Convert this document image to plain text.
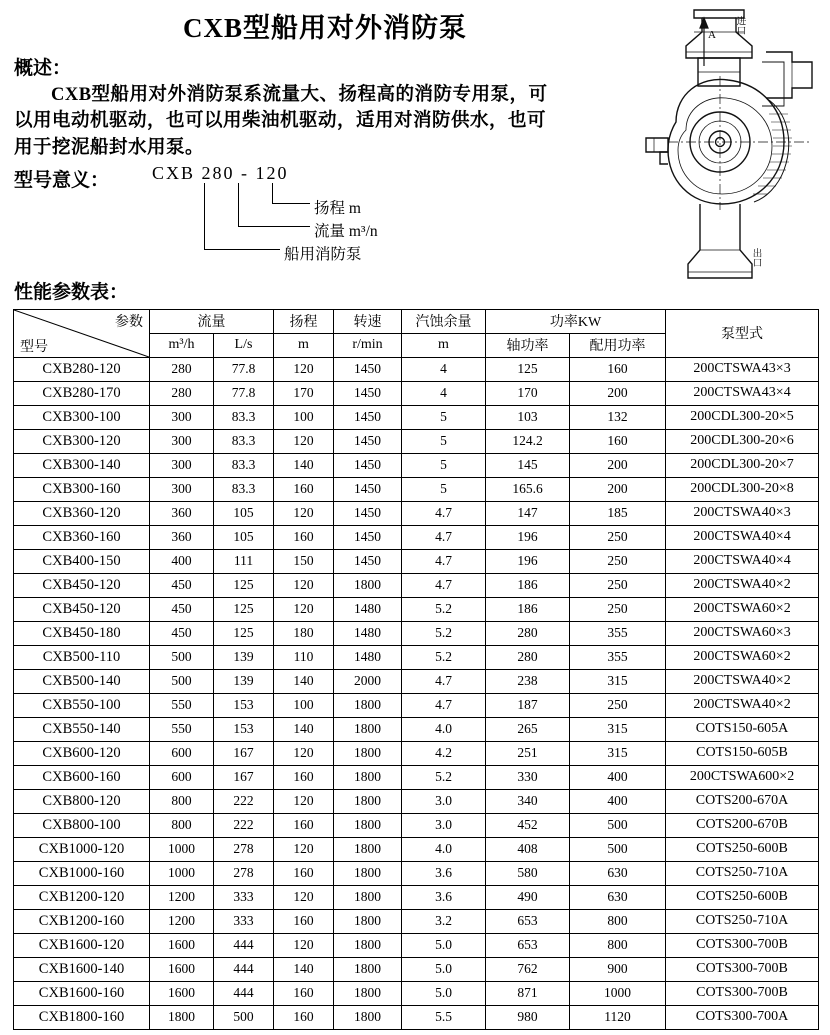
A 进口
出口
CXB型船用对外消防泵
概述：

CXB型船用对外消防泵系流量大、扬程高的消防专用泵，可以用电动机驱动，也可以用柴油机驱动，适用对消防供水，也可用于挖泥船封水用泵。

型号意义： CXB 280 - 120
扬程 m
流量 m³/n
船用消防泵
性能参数表：
参数
型号	流量		扬程	转速	汽蚀余量	功率KW		泵型式
	m³/h	L/s	m	r/min	m	轴功率	配用功率	
CXB280-120	280	77.8	120	1450	4	125	160	200CTSWA43×3
CXB280-170	280	77.8	170	1450	4	170	200	200CTSWA43×4
CXB300-100	300	83.3	100	1450	5	103	132	200CDL300-20×5
CXB300-120	300	83.3	120	1450	5	124.2	160	200CDL300-20×6
CXB300-140	300	83.3	140	1450	5	145	200	200CDL300-20×7
CXB300-160	300	83.3	160	1450	5	165.6	200	200CDL300-20×8
CXB360-120	360	105	120	1450	4.7	147	185	200CTSWA40×3
CXB360-160	360	105	160	1450	4.7	196	250	200CTSWA40×4
CXB400-150	400	111	150	1450	4.7	196	250	200CTSWA40×4
CXB450-120	450	125	120	1800	4.7	186	250	200CTSWA40×2
CXB450-120	450	125	120	1480	5.2	186	250	200CTSWA60×2
CXB450-180	450	125	180	1480	5.2	280	355	200CTSWA60×3
CXB500-110	500	139	110	1480	5.2	280	355	200CTSWA60×2
CXB500-140	500	139	140	2000	4.7	238	315	200CTSWA40×2
CXB550-100	550	153	100	1800	4.7	187	250	200CTSWA40×2
CXB550-140	550	153	140	1800	4.0	265	315	COTS150-605A
CXB600-120	600	167	120	1800	4.2	251	315	COTS150-605B
CXB600-160	600	167	160	1800	5.2	330	400	200CTSWA600×2
CXB800-120	800	222	120	1800	3.0	340	400	COTS200-670A
CXB800-100	800	222	160	1800	3.0	452	500	COTS200-670B
CXB1000-120	1000	278	120	1800	4.0	408	500	COTS250-600B
CXB1000-160	1000	278	160	1800	3.6	580	630	COTS250-710A
CXB1200-120	1200	333	120	1800	3.6	490	630	COTS250-600B
CXB1200-160	1200	333	160	1800	3.2	653	800	COTS250-710A
CXB1600-120	1600	444	120	1800	5.0	653	800	COTS300-700B
CXB1600-140	1600	444	140	1800	5.0	762	900	COTS300-700B
CXB1600-160	1600	444	160	1800	5.0	871	1000	COTS300-700B
CXB1800-160	1800	500	160	1800	5.5	980	1120	COTS300-700A
